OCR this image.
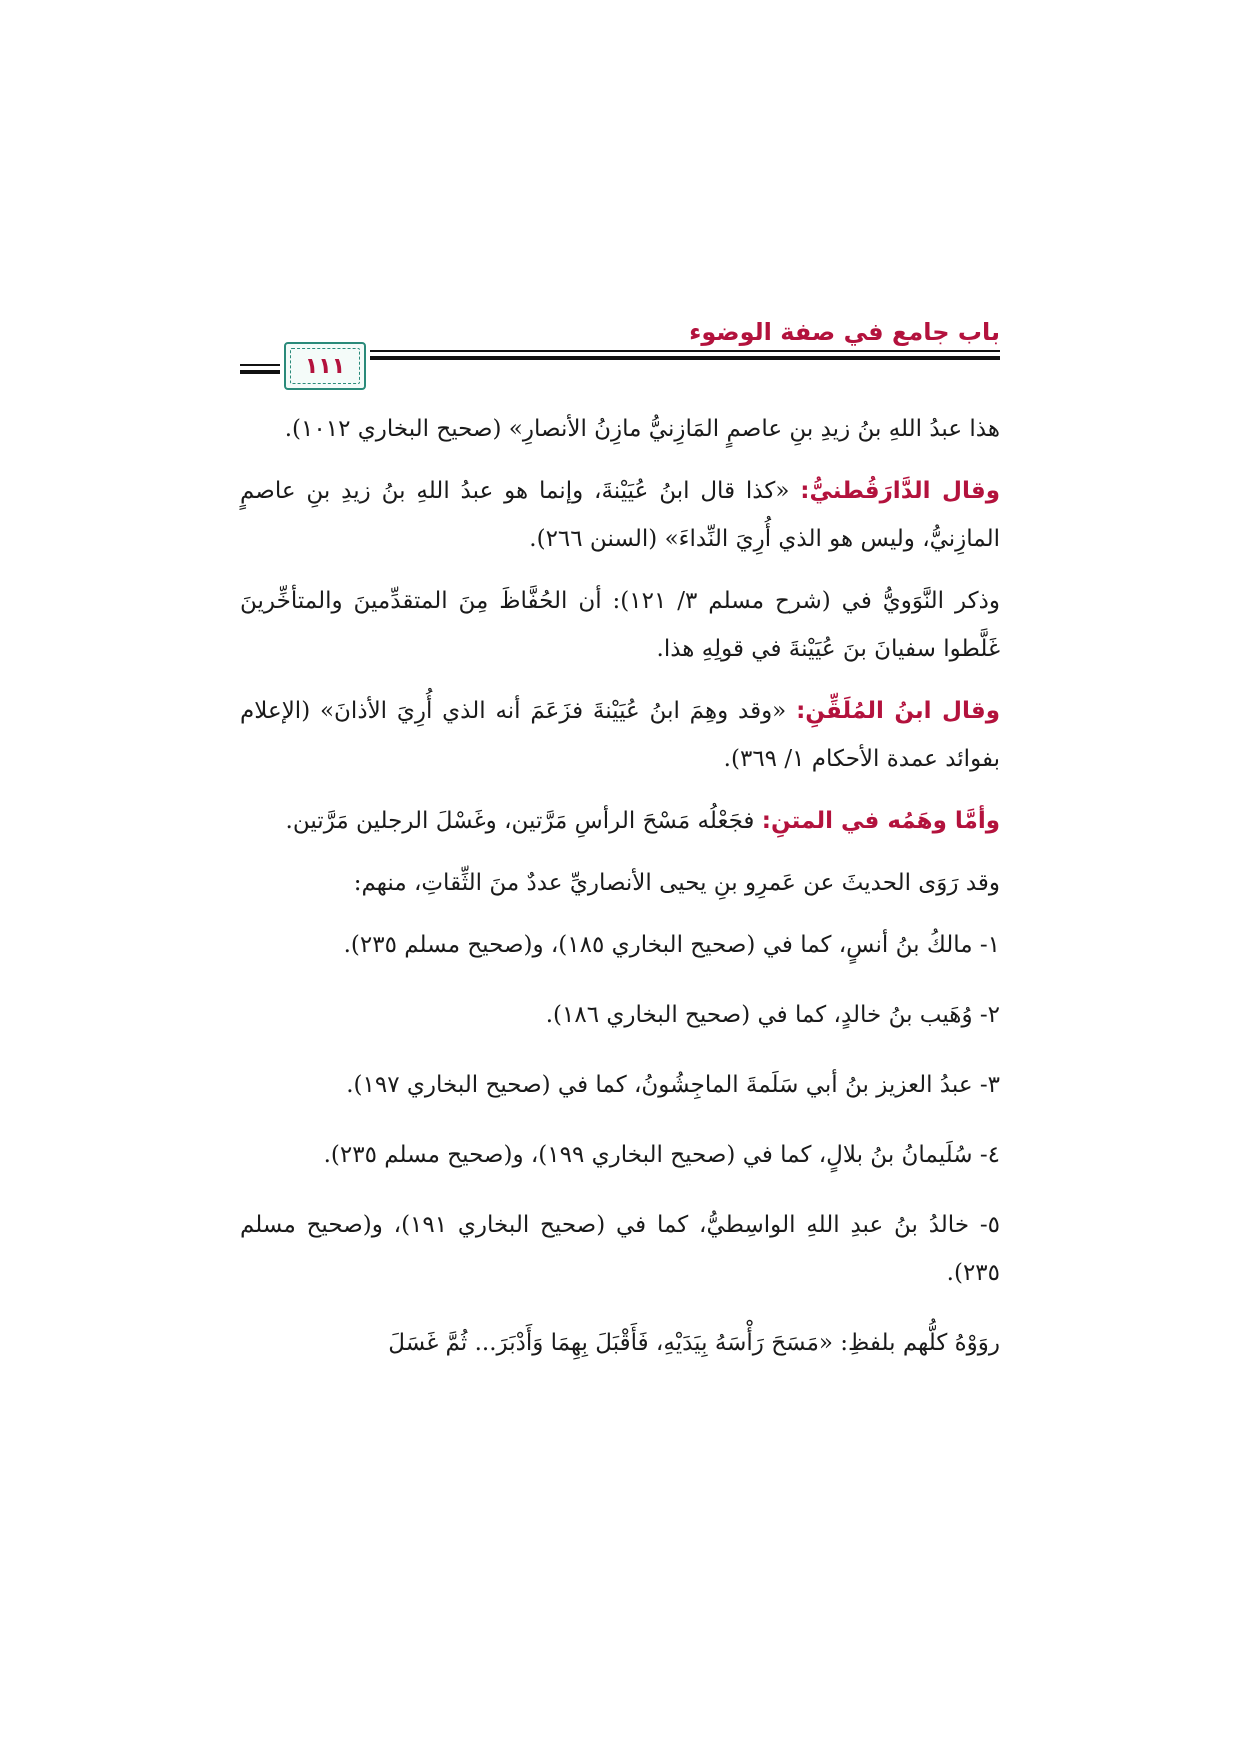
باب جامع في صفة الوضوء
١١١

هذا عبدُ اللهِ بنُ زيدِ بنِ عاصمٍ المَازِنيُّ مازِنُ الأنصارِ» (صحيح البخاري ١٠١٢).

وقال الدَّارَقُطنيُّ: «كذا قال ابنُ عُيَيْنةَ، وإنما هو عبدُ اللهِ بنُ زيدِ بنِ عاصمٍ المازِنيُّ، وليس هو الذي أُرِيَ النِّداءَ» (السنن ٢٦٦).

وذكر النَّوَويُّ في (شرح مسلم ٣/ ١٢١): أن الحُفَّاظَ مِنَ المتقدِّمينَ والمتأخِّرينَ غَلَّطوا سفيانَ بنَ عُيَيْنةَ في قولِهِ هذا.

وقال ابنُ المُلَقِّنِ: «وقد وهِمَ ابنُ عُيَيْنةَ فزَعَمَ أنه الذي أُرِيَ الأذانَ» (الإعلام بفوائد عمدة الأحكام ١/ ٣٦٩).

وأمَّا وهَمُه في المتنِ: فجَعْلُه مَسْحَ الرأسِ مَرَّتين، وغَسْلَ الرجلين مَرَّتين.

وقد رَوَى الحديثَ عن عَمرِو بنِ يحيى الأنصاريِّ عددٌ منَ الثِّقاتِ، منهم:

١- مالكُ بنُ أنسٍ، كما في (صحيح البخاري ١٨٥)، و(صحيح مسلم ٢٣٥).

٢- وُهَيب بنُ خالدٍ، كما في (صحيح البخاري ١٨٦).

٣- عبدُ العزيز بنُ أبي سَلَمةَ الماجِشُونُ، كما في (صحيح البخاري ١٩٧).

٤- سُلَيمانُ بنُ بلالٍ، كما في (صحيح البخاري ١٩٩)، و(صحيح مسلم ٢٣٥).

٥- خالدُ بنُ عبدِ اللهِ الواسِطيُّ، كما في (صحيح البخاري ١٩١)، و(صحيح مسلم ٢٣٥).

روَوْهُ كلُّهم بلفظِ: «مَسَحَ رَأْسَهُ بِيَدَيْهِ، فَأَقْبَلَ بِهِمَا وَأَدْبَرَ... ثُمَّ غَسَلَ
